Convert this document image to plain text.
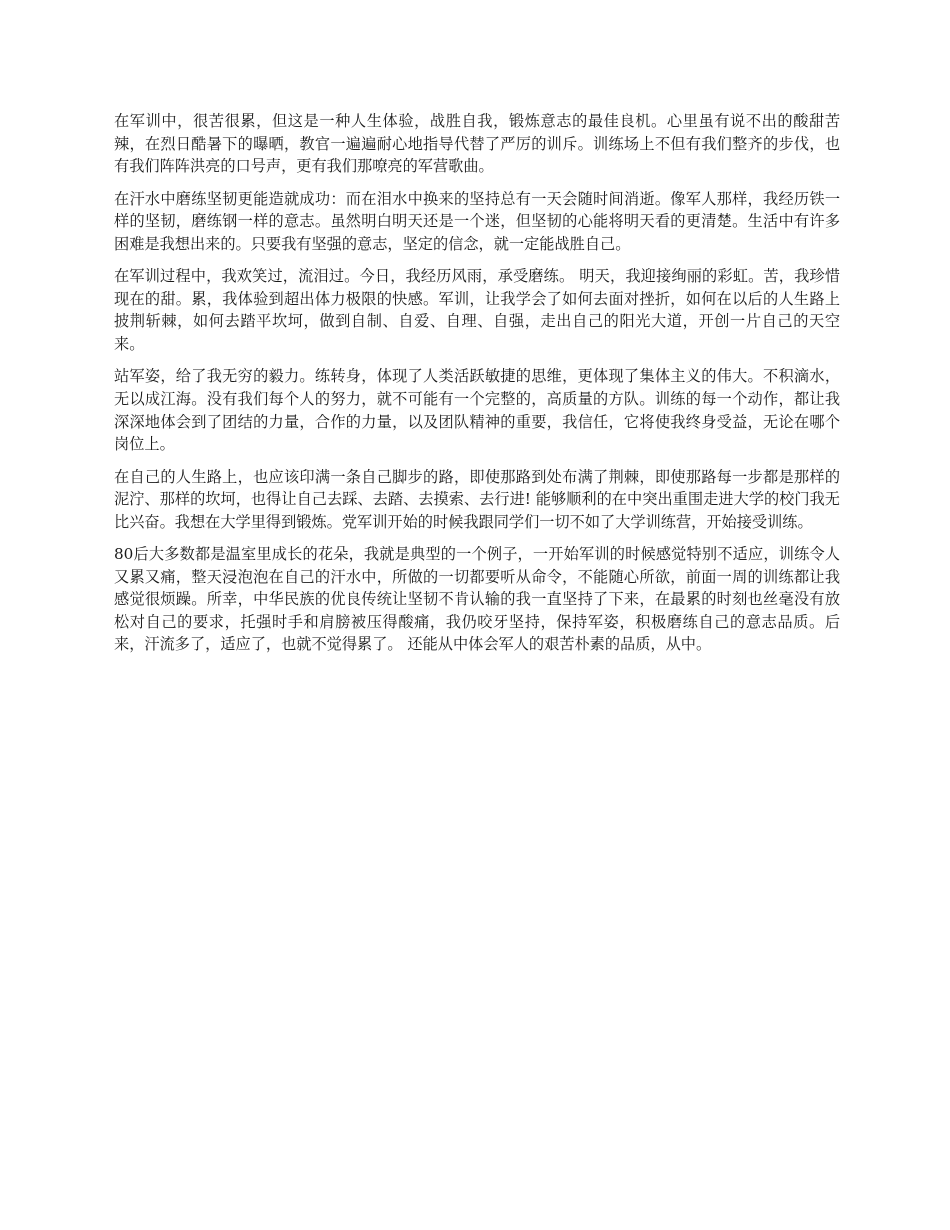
在军训中，很苦很累，但这是一种人生体验，战胜自我，锻炼意志的最佳良机。心里虽有说不出的酸甜苦辣，在烈日酷暑下的曝晒，教官一遍遍耐心地指导代替了严厉的训斥。训练场上不但有我们整齐的步伐，也有我们阵阵洪亮的口号声，更有我们那嘹亮的军营歌曲。

在汗水中磨练坚韧更能造就成功：而在泪水中换来的坚持总有一天会随时间消逝。像军人那样，我经历铁一样的坚韧，磨练钢一样的意志。虽然明白明天还是一个迷，但坚韧的心能将明天看的更清楚。生活中有许多困难是我想出来的。只要我有坚强的意志，坚定的信念，就一定能战胜自己。

在军训过程中，我欢笑过，流泪过。今日，我经历风雨，承受磨练。 明天，我迎接绚丽的彩虹。苦，我珍惜现在的甜。累，我体验到超出体力极限的快感。军训，让我学会了如何去面对挫折，如何在以后的人生路上披荆斩棘，如何去踏平坎坷，做到自制、自爱、自理、自强，走出自己的阳光大道，开创一片自己的天空来。

站军姿，给了我无穷的毅力。练转身，体现了人类活跃敏捷的思维，更体现了集体主义的伟大。不积滴水，无以成江海。没有我们每个人的努力，就不可能有一个完整的，高质量的方队。训练的每一个动作，都让我深深地体会到了团结的力量，合作的力量，以及团队精神的重要，我信任，它将使我终身受益，无论在哪个岗位上。

在自己的人生路上，也应该印满一条自己脚步的路，即使那路到处布满了荆棘，即使那路每一步都是那样的泥泞、那样的坎坷，也得让自己去踩、去踏、去摸索、去行进! 能够顺利的在中突出重围走进大学的校门我无比兴奋。我想在大学里得到锻炼。党军训开始的时候我跟同学们一切不如了大学训练营，开始接受训练。

80后大多数都是温室里成长的花朵，我就是典型的一个例子，一开始军训的时候感觉特别不适应，训练令人又累又痛，整天浸泡泡在自己的汗水中，所做的一切都要听从命令，不能随心所欲，前面一周的训练都让我感觉很烦躁。所幸，中华民族的优良传统让坚韧不肯认输的我一直坚持了下来，在最累的时刻也丝毫没有放松对自己的要求，托强时手和肩膀被压得酸痛，我仍咬牙坚持，保持军姿，积极磨练自己的意志品质。后来，汗流多了，适应了，也就不觉得累了。 还能从中体会军人的艰苦朴素的品质，从中。
